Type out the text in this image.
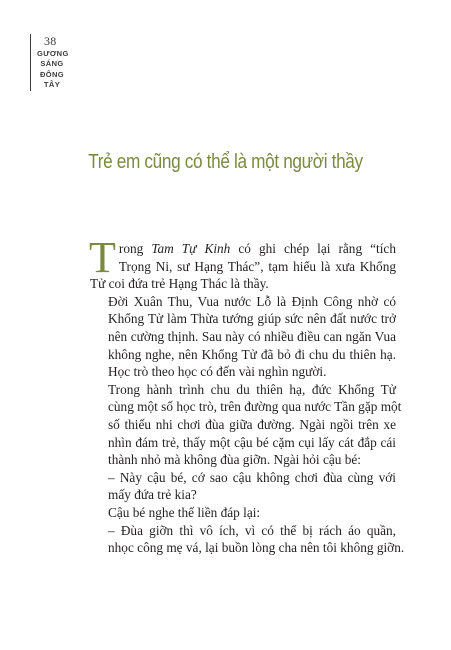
38
GƯƠNG
SÁNG
ĐÔNG
TÂY
Trẻ em cũng có thể là một người thầy

T rong Tam Tự Kinh có ghi chép lại rằng “tích
Trọng Ni, sư Hạng Thác”, tạm hiểu là xưa Khổng
Tử coi đứa trẻ Hạng Thác là thầy.

Đời Xuân Thu, Vua nước Lỗ là Định Công nhờ có
Khổng Tử làm Thừa tướng giúp sức nên đất nước trở
nên cường thịnh. Sau này có nhiều điều can ngăn Vua
không nghe, nên Khổng Tử đã bỏ đi chu du thiên hạ.
Học trò theo học có đến vài nghìn người.

Trong hành trình chu du thiên hạ, đức Khổng Tử
cùng một số học trò, trên đường qua nước Tần gặp một
số thiếu nhi chơi đùa giữa đường. Ngài ngồi trên xe
nhìn đám trẻ, thấy một cậu bé cặm cụi lấy cát đắp cái
thành nhỏ mà không đùa giỡn. Ngài hỏi cậu bé:

– Này cậu bé, cớ sao cậu không chơi đùa cùng với
mấy đứa trẻ kia?

Cậu bé nghe thế liền đáp lại:

– Đùa giỡn thì vô ích, vì có thể bị rách áo quần,
nhọc công mẹ vá, lại buồn lòng cha nên tôi không giỡn.
